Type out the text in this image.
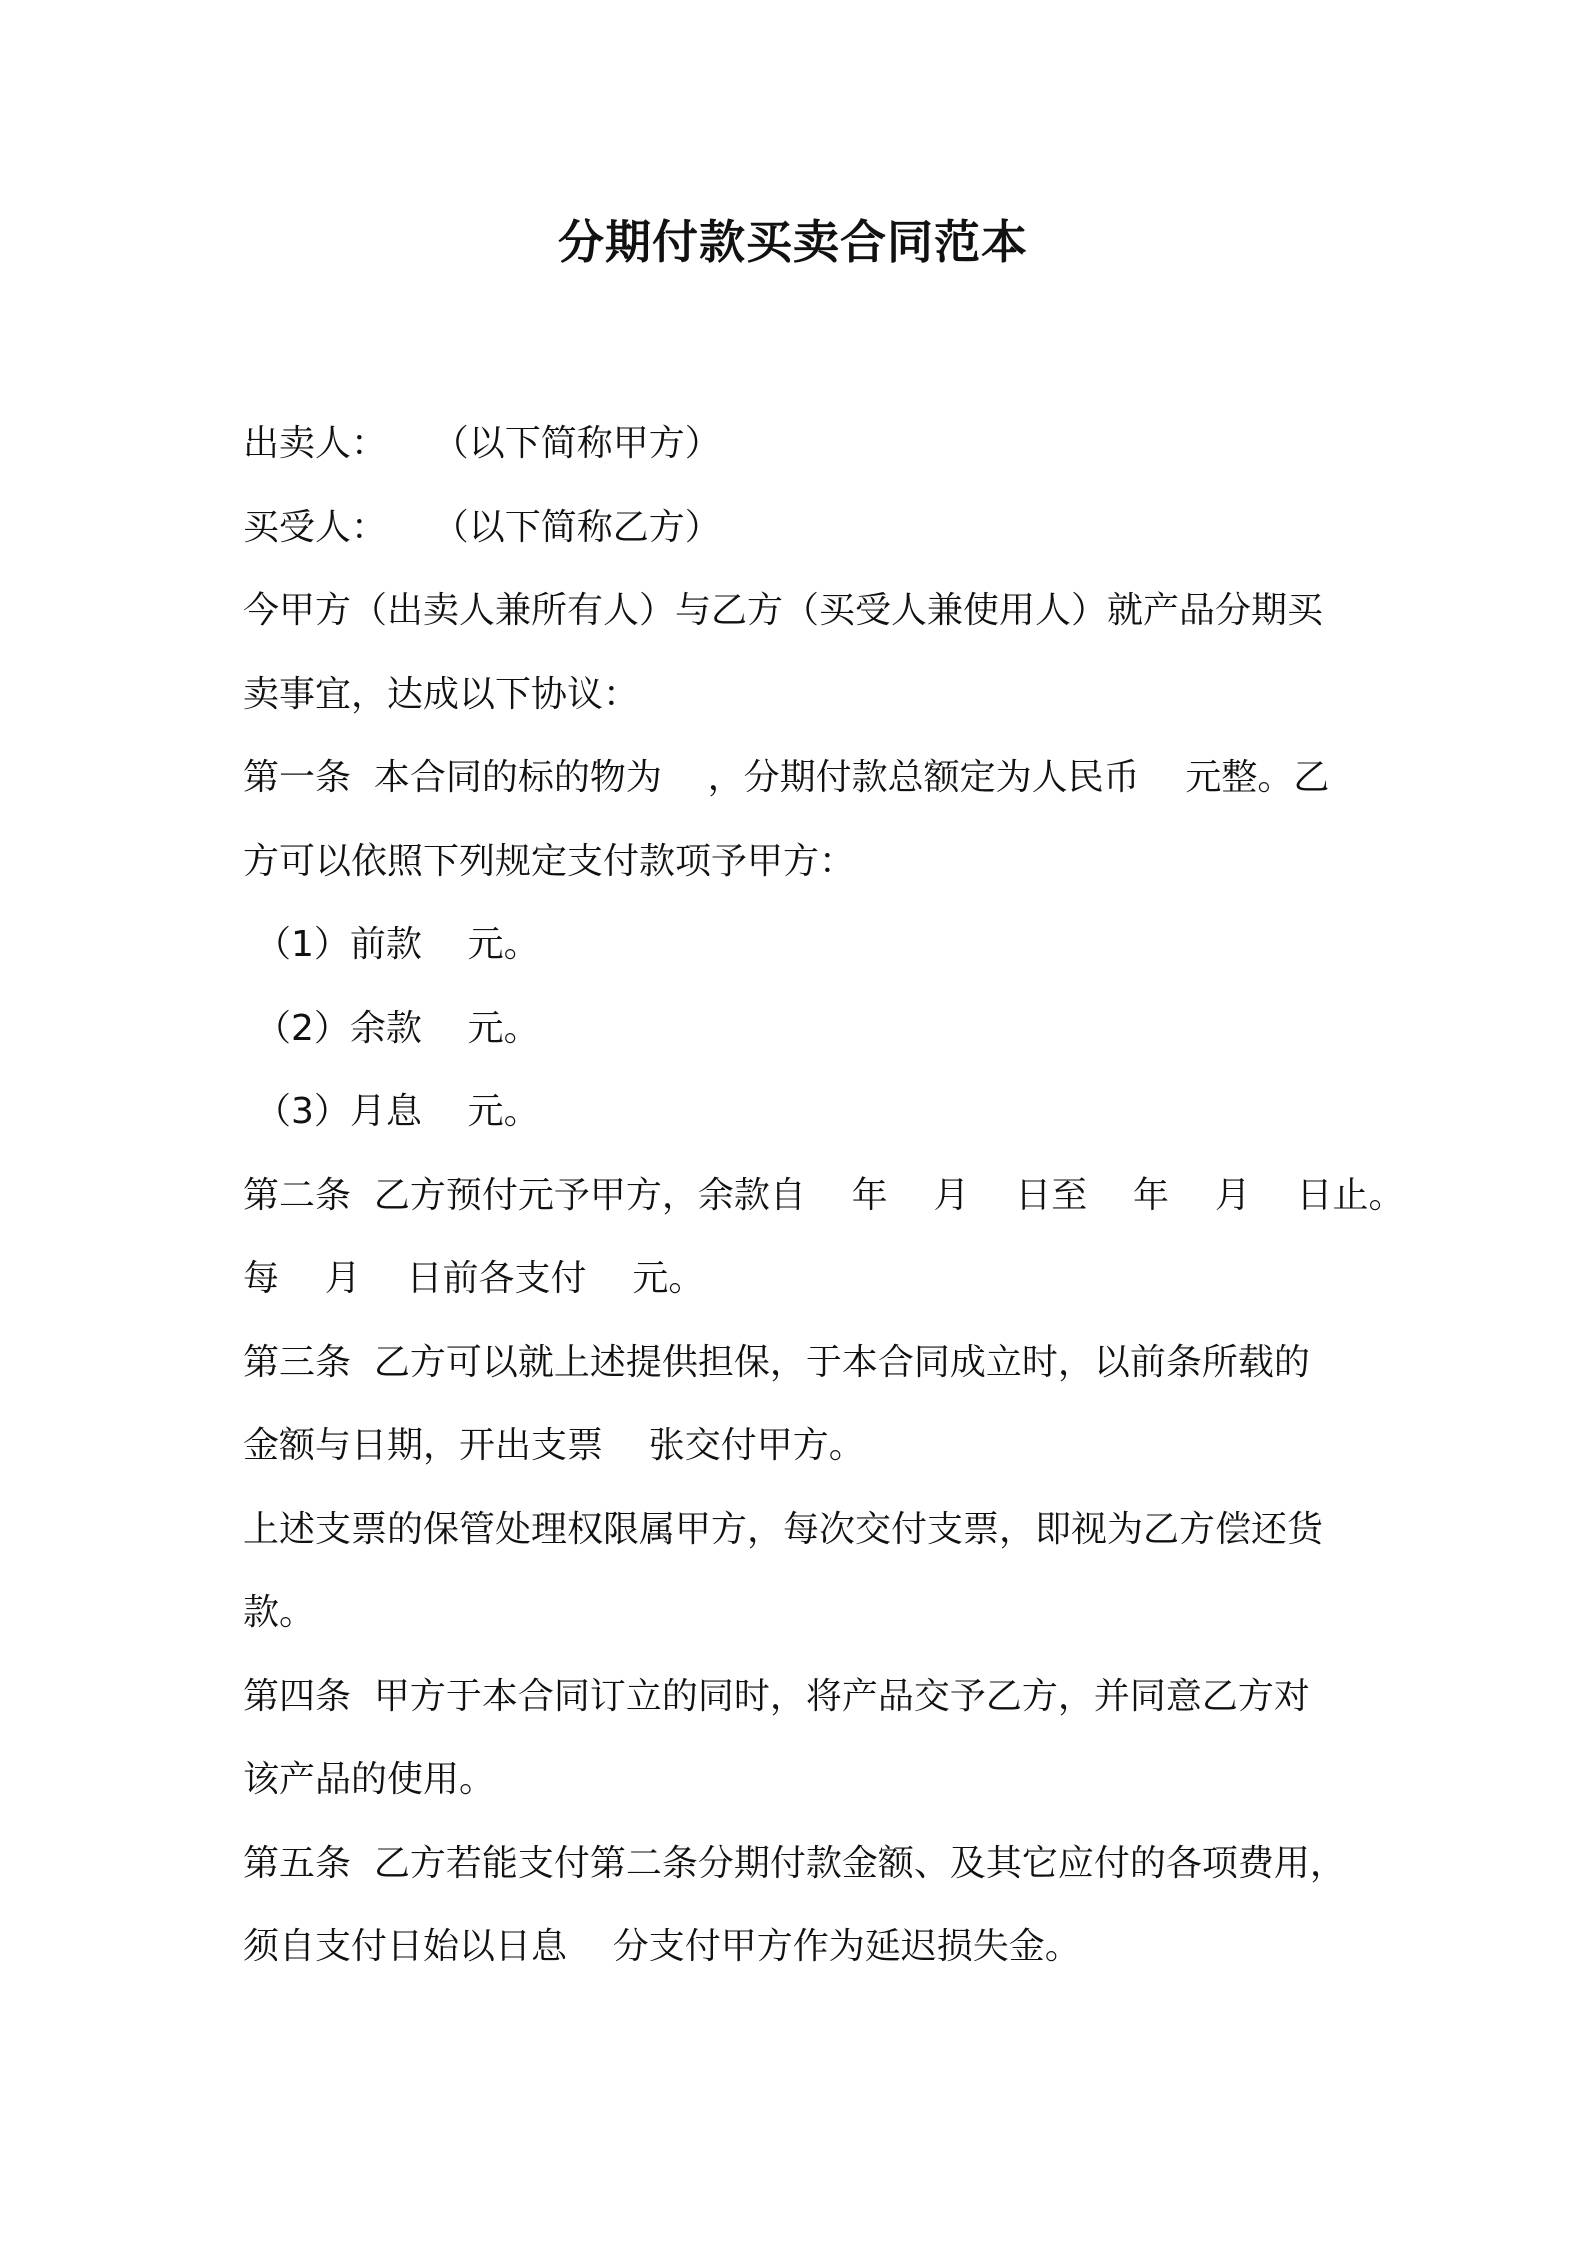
分期付款买卖合同范本

出卖人：    （以下简称甲方）

买受人：    （以下简称乙方）

今甲方（出卖人兼所有人）与乙方（买受人兼使用人）就产品分期买

卖事宜，达成以下协议：

第一条  本合同的标的物为    ，分期付款总额定为人民币    元整。乙

方可以依照下列规定支付款项予甲方：

（1）前款    元。

（2）余款    元。

（3）月息    元。

第二条  乙方预付元予甲方，余款自    年    月    日至    年    月    日止。

每    月    日前各支付    元。

第三条  乙方可以就上述提供担保，于本合同成立时，以前条所载的

金额与日期，开出支票    张交付甲方。

上述支票的保管处理权限属甲方，每次交付支票，即视为乙方偿还货

款。

第四条  甲方于本合同订立的同时，将产品交予乙方，并同意乙方对

该产品的使用。

第五条  乙方若能支付第二条分期付款金额、及其它应付的各项费用，

须自支付日始以日息    分支付甲方作为延迟损失金。
